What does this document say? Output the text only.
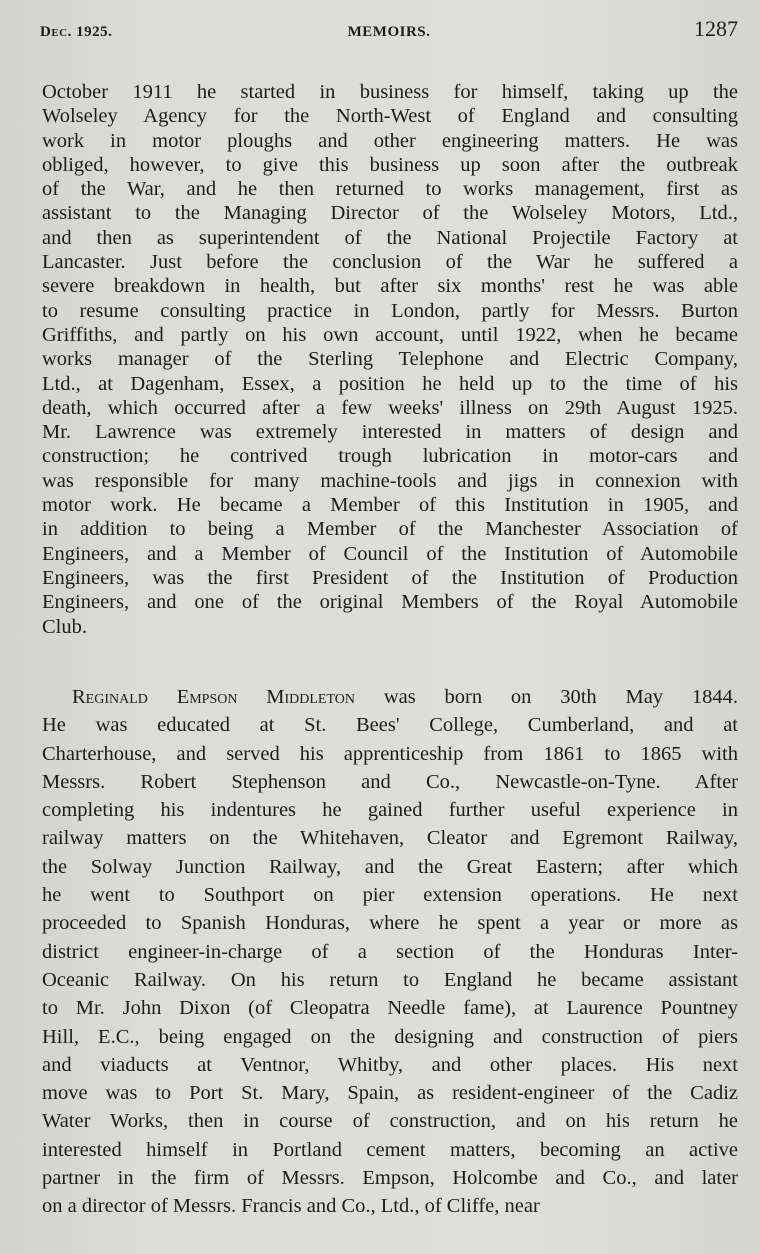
Dec. 1925.	MEMOIRS.	1287
October 1911 he started in business for himself, taking up the
Wolseley Agency for the North-West of England and consulting
work in motor ploughs and other engineering matters. He was
obliged, however, to give this business up soon after the outbreak
of the War, and he then returned to works management, first as
assistant to the Managing Director of the Wolseley Motors, Ltd.,
and then as superintendent of the National Projectile Factory at
Lancaster. Just before the conclusion of the War he suffered a
severe breakdown in health, but after six months' rest he was able
to resume consulting practice in London, partly for Messrs. Burton
Griffiths, and partly on his own account, until 1922, when he became
works manager of the Sterling Telephone and Electric Company,
Ltd., at Dagenham, Essex, a position he held up to the time of his
death, which occurred after a few weeks' illness on 29th August 1925.
Mr. Lawrence was extremely interested in matters of design and
construction; he contrived trough lubrication in motor-cars and
was responsible for many machine-tools and jigs in connexion with
motor work. He became a Member of this Institution in 1905, and
in addition to being a Member of the Manchester Association of
Engineers, and a Member of Council of the Institution of Automobile
Engineers, was the first President of the Institution of Production
Engineers, and one of the original Members of the Royal Automobile
Club.
Reginald Empson Middleton was born on 30th May 1844.
He was educated at St. Bees' College, Cumberland, and at
Charterhouse, and served his apprenticeship from 1861 to 1865 with
Messrs. Robert Stephenson and Co., Newcastle-on-Tyne. After
completing his indentures he gained further useful experience in
railway matters on the Whitehaven, Cleator and Egremont Railway,
the Solway Junction Railway, and the Great Eastern; after which
he went to Southport on pier extension operations. He next
proceeded to Spanish Honduras, where he spent a year or more as
district engineer-in-charge of a section of the Honduras Inter-
Oceanic Railway. On his return to England he became assistant
to Mr. John Dixon (of Cleopatra Needle fame), at Laurence Pountney
Hill, E.C., being engaged on the designing and construction of piers
and viaducts at Ventnor, Whitby, and other places. His next
move was to Port St. Mary, Spain, as resident-engineer of the Cadiz
Water Works, then in course of construction, and on his return he
interested himself in Portland cement matters, becoming an active
partner in the firm of Messrs. Empson, Holcombe and Co., and later
on a director of Messrs. Francis and Co., Ltd., of Cliffe, near
